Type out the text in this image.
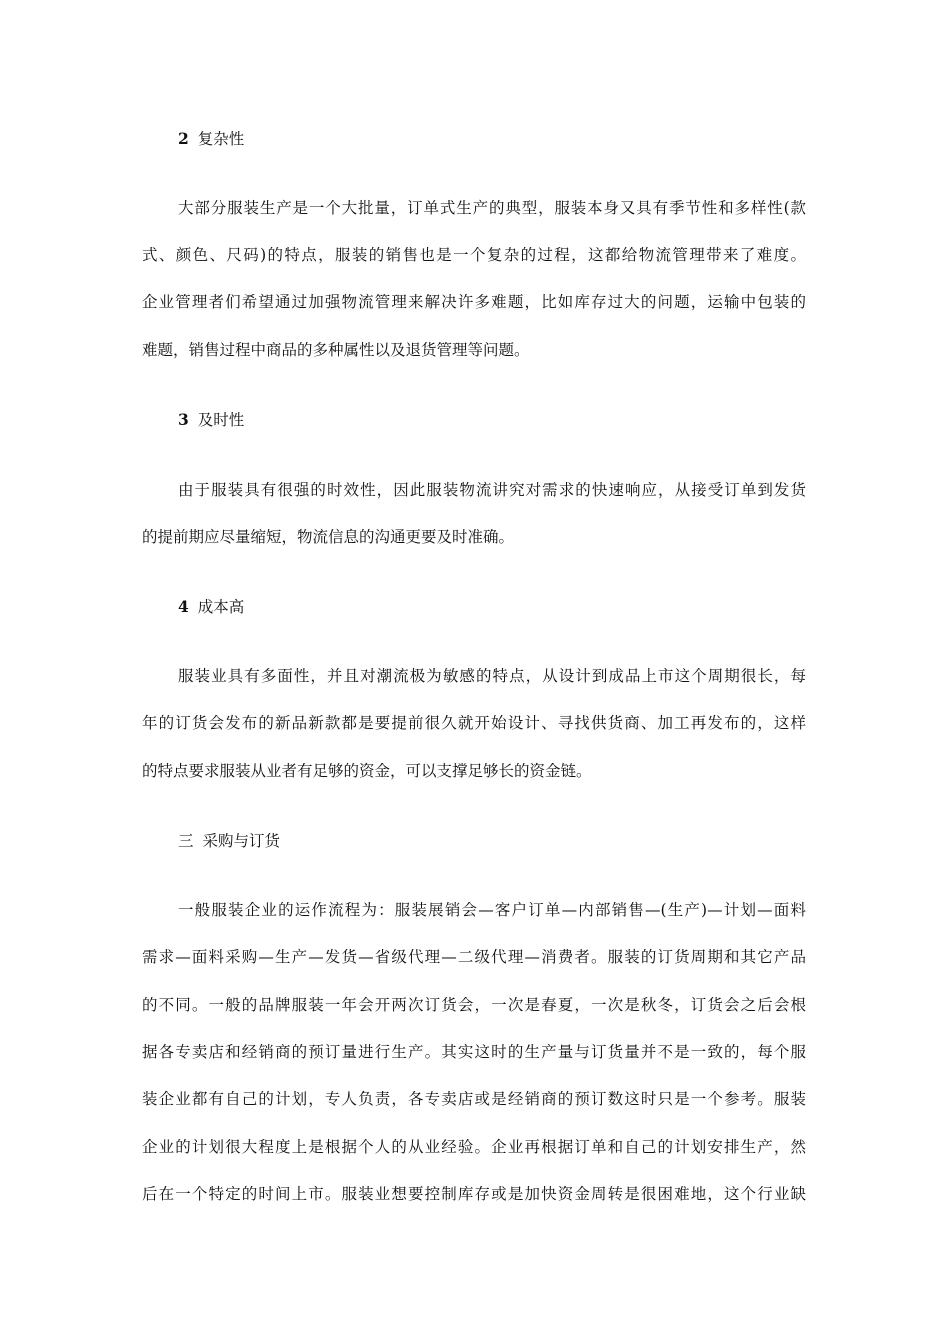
2 复杂性
大部分服装生产是一个大批量，订单式生产的典型，服装本身又具有季节性和多样性(款
式、颜色、尺码)的特点，服装的销售也是一个复杂的过程，这都给物流管理带来了难度。
企业管理者们希望通过加强物流管理来解决许多难题，比如库存过大的问题，运输中包装的
难题，销售过程中商品的多种属性以及退货管理等问题。
3 及时性
由于服装具有很强的时效性，因此服装物流讲究对需求的快速响应，从接受订单到发货
的提前期应尽量缩短，物流信息的沟通更要及时准确。
4 成本高
服装业具有多面性，并且对潮流极为敏感的特点，从设计到成品上市这个周期很长，每
年的订货会发布的新品新款都是要提前很久就开始设计、寻找供货商、加工再发布的，这样
的特点要求服装从业者有足够的资金，可以支撑足够长的资金链。
三 采购与订货
一般服装企业的运作流程为：服装展销会—客户订单—内部销售—(生产)—计划—面料
需求—面料采购—生产—发货—省级代理—二级代理—消费者。服装的订货周期和其它产品
的不同。一般的品牌服装一年会开两次订货会，一次是春夏，一次是秋冬，订货会之后会根
据各专卖店和经销商的预订量进行生产。其实这时的生产量与订货量并不是一致的，每个服
装企业都有自己的计划，专人负责，各专卖店或是经销商的预订数这时只是一个参考。服装
企业的计划很大程度上是根据个人的从业经验。企业再根据订单和自己的计划安排生产，然
后在一个特定的时间上市。服装业想要控制库存或是加快资金周转是很困难地，这个行业缺
